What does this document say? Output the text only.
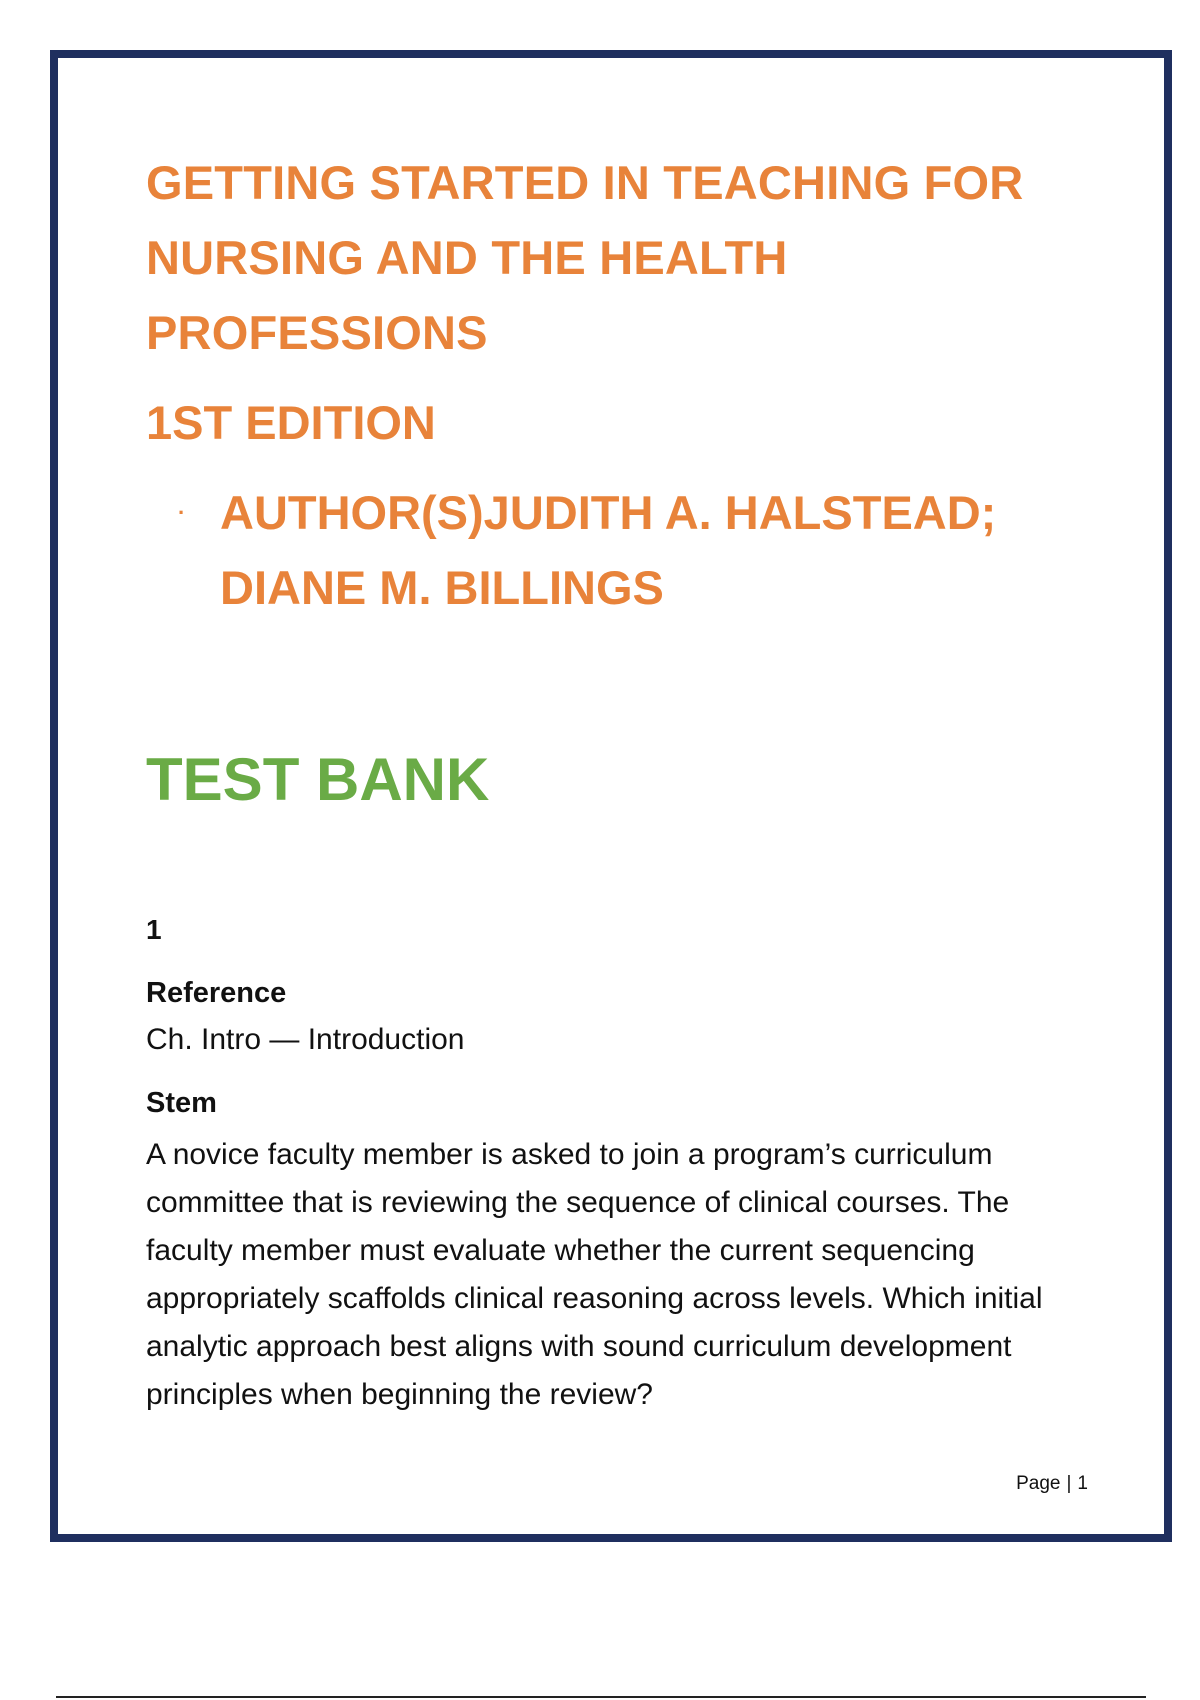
GETTING STARTED IN TEACHING FOR NURSING AND THE HEALTH PROFESSIONS
1ST EDITION
· AUTHOR(S)JUDITH A. HALSTEAD; DIANE M. BILLINGS

TEST BANK
1
Reference
Ch. Intro — Introduction
Stem

A novice faculty member is asked to join a program’s curriculum committee that is reviewing the sequence of clinical courses. The faculty member must evaluate whether the current sequencing appropriately scaffolds clinical reasoning across levels. Which initial analytic approach best aligns with sound curriculum development principles when beginning the review?

Page | 1
